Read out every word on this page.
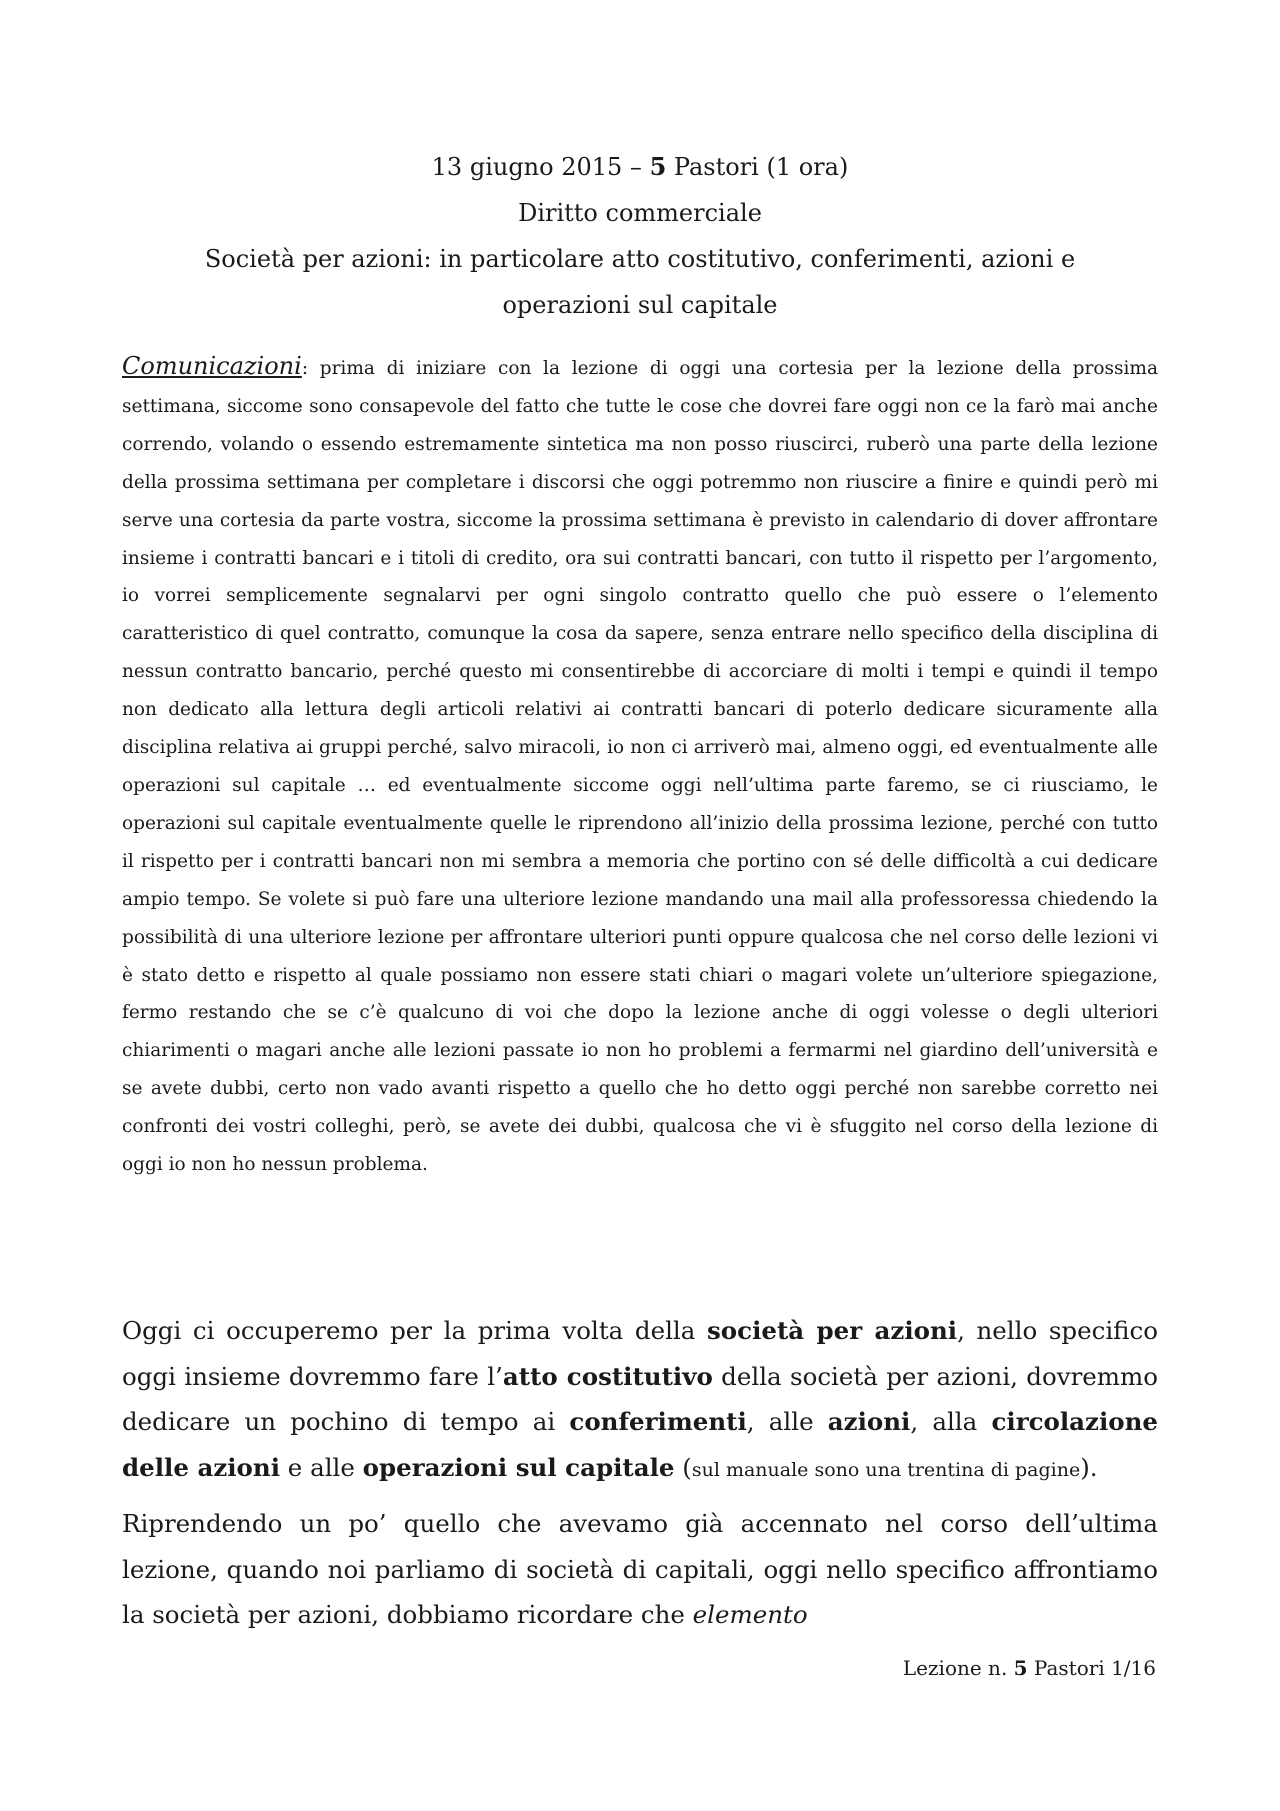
13 giugno 2015 – 5 Pastori (1 ora)
Diritto commerciale
Società per azioni: in particolare atto costitutivo, conferimenti, azioni e
operazioni sul capitale
Comunicazioni: prima di iniziare con la lezione di oggi una cortesia per la lezione della prossima settimana, siccome sono consapevole del fatto che tutte le cose che dovrei fare oggi non ce la farò mai anche correndo, volando o essendo estremamente sintetica ma non posso riuscirci, ruberò una parte della lezione della prossima settimana per completare i discorsi che oggi potremmo non riuscire a finire e quindi però mi serve una cortesia da parte vostra, siccome la prossima settimana è previsto in calendario di dover affrontare insieme i contratti bancari e i titoli di credito, ora sui contratti bancari, con tutto il rispetto per l’argomento, io vorrei semplicemente segnalarvi per ogni singolo contratto quello che può essere o l’elemento caratteristico di quel contratto, comunque la cosa da sapere, senza entrare nello specifico della disciplina di nessun contratto bancario, perché questo mi consentirebbe di accorciare di molti i tempi e quindi il tempo non dedicato alla lettura degli articoli relativi ai contratti bancari di poterlo dedicare sicuramente alla disciplina relativa ai gruppi perché, salvo miracoli, io non ci arriverò mai, almeno oggi, ed eventualmente alle operazioni sul capitale … ed eventualmente siccome oggi nell’ultima parte faremo, se ci riusciamo, le operazioni sul capitale eventualmente quelle le riprendono all’inizio della prossima lezione, perché con tutto il rispetto per i contratti bancari non mi sembra a memoria che portino con sé delle difficoltà a cui dedicare ampio tempo. Se volete si può fare una ulteriore lezione mandando una mail alla professoressa chiedendo la possibilità di una ulteriore lezione per affrontare ulteriori punti oppure qualcosa che nel corso delle lezioni vi è stato detto e rispetto al quale possiamo non essere stati chiari o magari volete un’ulteriore spiegazione, fermo restando che se c’è qualcuno di voi che dopo la lezione anche di oggi volesse o degli ulteriori chiarimenti o magari anche alle lezioni passate io non ho problemi a fermarmi nel giardino dell’università e se avete dubbi, certo non vado avanti rispetto a quello che ho detto oggi perché non sarebbe corretto nei confronti dei vostri colleghi, però, se avete dei dubbi, qualcosa che vi è sfuggito nel corso della lezione di oggi io non ho nessun problema.

Oggi ci occuperemo per la prima volta della società per azioni, nello specifico oggi insieme dovremmo fare l’atto costitutivo della società per azioni, dovremmo dedicare un pochino di tempo ai conferimenti, alle azioni, alla circolazione delle azioni e alle operazioni sul capitale (sul manuale sono una trentina di pagine).

Riprendendo un po’ quello che avevamo già accennato nel corso dell’ultima lezione, quando noi parliamo di società di capitali, oggi nello specifico affrontiamo la società per azioni, dobbiamo ricordare che elemento

Lezione n. 5 Pastori 1/16
